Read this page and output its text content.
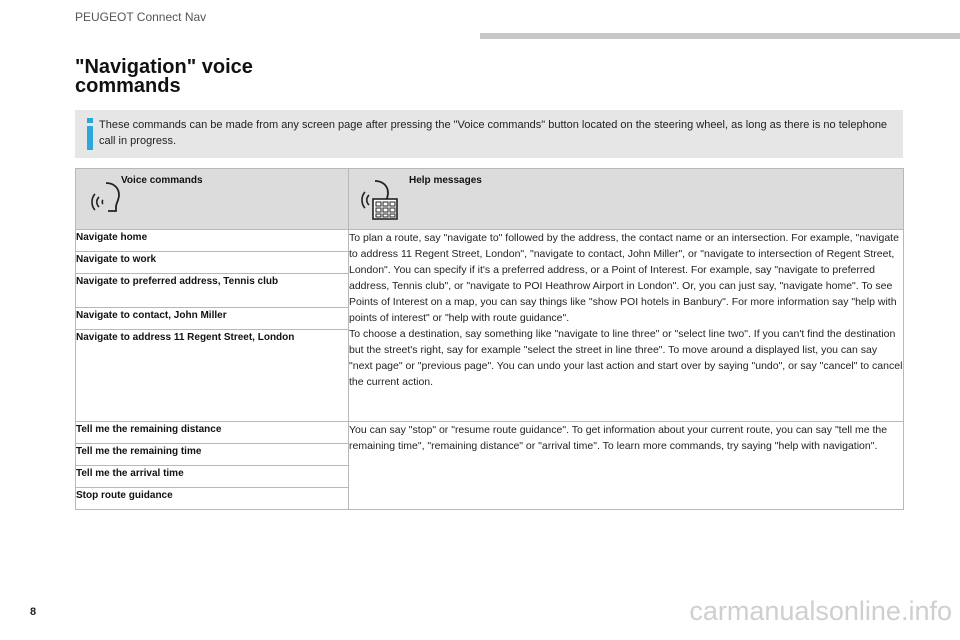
PEUGEOT Connect Nav
"Navigation" voice commands
These commands can be made from any screen page after pressing the "Voice commands" button located on the steering wheel, as long as there is no telephone call in progress.
Voice commands	Help messages

Navigate home	To plan a route, say "navigate to" followed by the address, the contact name or an intersection. For example, "navigate to address 11 Regent Street, London", "navigate to contact, John Miller", or "navigate to intersection of Regent Street, London". You can specify if it's a preferred address, or a Point of Interest. For example, say "navigate to preferred address, Tennis club", or "navigate to POI Heathrow Airport in London". Or, you can just say, "navigate home". To see Points of Interest on a map, you can say things like "show POI hotels in Banbury". For more information say "help with points of interest" or "help with route guidance".
To choose a destination, say something like "navigate to line three" or "select line two". If you can't find the destination but the street's right, say for example "select the street in line three". To move around a displayed list, you can say "next page" or "previous page". You can undo your last action and start over by saying "undo", or say "cancel" to cancel the current action.
Navigate to work	
Navigate to preferred address, Tennis club	
Navigate to contact, John Miller	
Navigate to address 11 Regent Street, London	
Tell me the remaining distance	You can say "stop" or "resume route guidance". To get information about your current route, you can say "tell me the remaining time", "remaining distance" or "arrival time". To learn more commands, try saying "help with navigation".
Tell me the remaining time	
Tell me the arrival time	
Stop route guidance	
8	carmanualsonline.info
